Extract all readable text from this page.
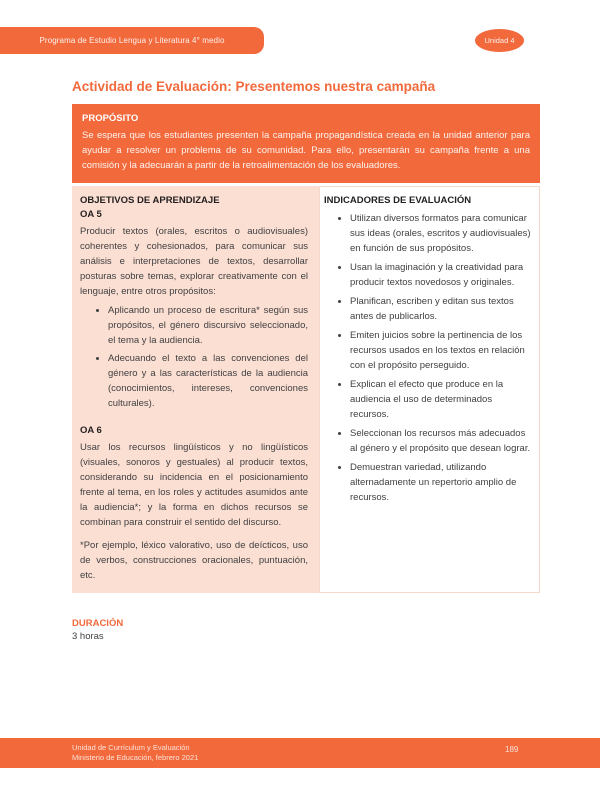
Programa de Estudio Lengua y Literatura 4° medio	Unidad 4
Actividad de Evaluación: Presentemos nuestra campaña
PROPÓSITO

Se espera que los estudiantes presenten la campaña propagandística creada en la unidad anterior para ayudar a resolver un problema de su comunidad. Para ello, presentarán su campaña frente a una comisión y la adecuarán a partir de la retroalimentación de los evaluadores.

OBJETIVOS DE APRENDIZAJE
OA 5

Producir textos (orales, escritos o audiovisuales) coherentes y cohesionados, para comunicar sus análisis e interpretaciones de textos, desarrollar posturas sobre temas, explorar creativamente con el lenguaje, entre otros propósitos:

• Aplicando un proceso de escritura* según sus propósitos, el género discursivo seleccionado, el tema y la audiencia.
• Adecuando el texto a las convenciones del género y a las características de la audiencia (conocimientos, intereses, convenciones culturales).
OA 6

Usar los recursos lingüísticos y no lingüísticos (visuales, sonoros y gestuales) al producir textos, considerando su incidencia en el posicionamiento frente al tema, en los roles y actitudes asumidos ante la audiencia*; y la forma en dichos recursos se combinan para construir el sentido del discurso.

*Por ejemplo, léxico valorativo, uso de deícticos, uso de verbos, construcciones oracionales, puntuación, etc.

INDICADORES DE EVALUACIÓN
• Utilizan diversos formatos para comunicar sus ideas (orales, escritos y audiovisuales) en función de sus propósitos.
• Usan la imaginación y la creatividad para producir textos novedosos y originales.
• Planifican, escriben y editan sus textos antes de publicarlos.
• Emiten juicios sobre la pertinencia de los recursos usados en los textos en relación con el propósito perseguido.
• Explican el efecto que produce en la audiencia el uso de determinados recursos.
• Seleccionan los recursos más adecuados al género y el propósito que desean lograr.
• Demuestran variedad, utilizando alternadamente un repertorio amplio de recursos.
DURACIÓN
3 horas
Unidad de Currículum y Evaluación
Ministerio de Educación, febrero 2021
189
